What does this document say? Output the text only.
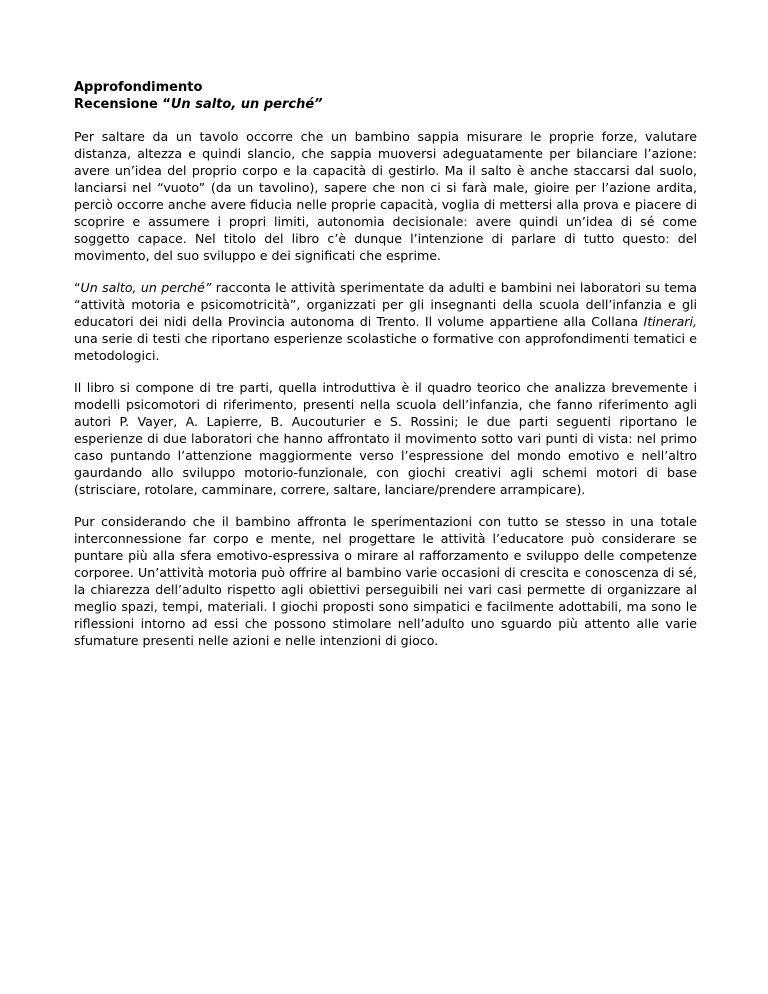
Approfondimento

Recensione “Un salto, un perché”

Per saltare da un tavolo occorre che un bambino sappia misurare le proprie forze, valutare distanza, altezza e quindi slancio, che sappia muoversi adeguatamente per bilanciare l’azione: avere un’idea del proprio corpo e la capacità di gestirlo. Ma il salto è anche staccarsi dal suolo, lanciarsi nel “vuoto” (da un tavolino), sapere che non ci si farà male, gioire per l’azione ardita, perciò occorre anche avere fiducia nelle proprie capacità, voglia di mettersi alla prova e piacere di scoprire e assumere i propri limiti, autonomia decisionale: avere quindi un’idea di sé come soggetto capace. Nel titolo del libro c’è dunque l’intenzione di parlare di tutto questo: del movimento, del suo sviluppo e dei significati che esprime.

“Un salto, un perché” racconta le attività sperimentate da adulti e bambini nei laboratori su tema “attività motoria e psicomotricità”, organizzati per gli insegnanti della scuola dell’infanzia e gli educatori dei nidi della Provincia autonoma di Trento. Il volume appartiene alla Collana Itinerari, una serie di testi che riportano esperienze scolastiche o formative con approfondimenti tematici e metodologici.

Il libro si compone di tre parti, quella introduttiva è il quadro teorico che analizza brevemente i modelli psicomotori di riferimento, presenti nella scuola dell’infanzia, che fanno riferimento agli autori P. Vayer, A. Lapierre, B. Aucouturier e S. Rossini; le due parti seguenti riportano le esperienze di due laboratori che hanno affrontato il movimento sotto vari punti di vista: nel primo caso puntando l’attenzione maggiormente verso l’espressione del mondo emotivo e nell’altro gaurdando allo sviluppo motorio-funzionale, con giochi creativi agli schemi motori di base (strisciare, rotolare, camminare, correre, saltare, lanciare/prendere arrampicare).

Pur considerando che il bambino affronta le sperimentazioni con tutto se stesso in una totale interconnessione far corpo e mente, nel progettare le attività l’educatore può considerare se puntare più alla sfera emotivo-espressiva o mirare al rafforzamento e sviluppo delle competenze corporee. Un’attività motoria può offrire al bambino varie occasioni di crescita e conoscenza di sé, la chiarezza dell’adulto rispetto agli obiettivi perseguibili nei vari casi permette di organizzare al meglio spazi, tempi, materiali. I giochi proposti sono simpatici e facilmente adottabili, ma sono le riflessioni intorno ad essi che possono stimolare nell’adulto uno sguardo più attento alle varie sfumature presenti nelle azioni e nelle intenzioni di gioco.
